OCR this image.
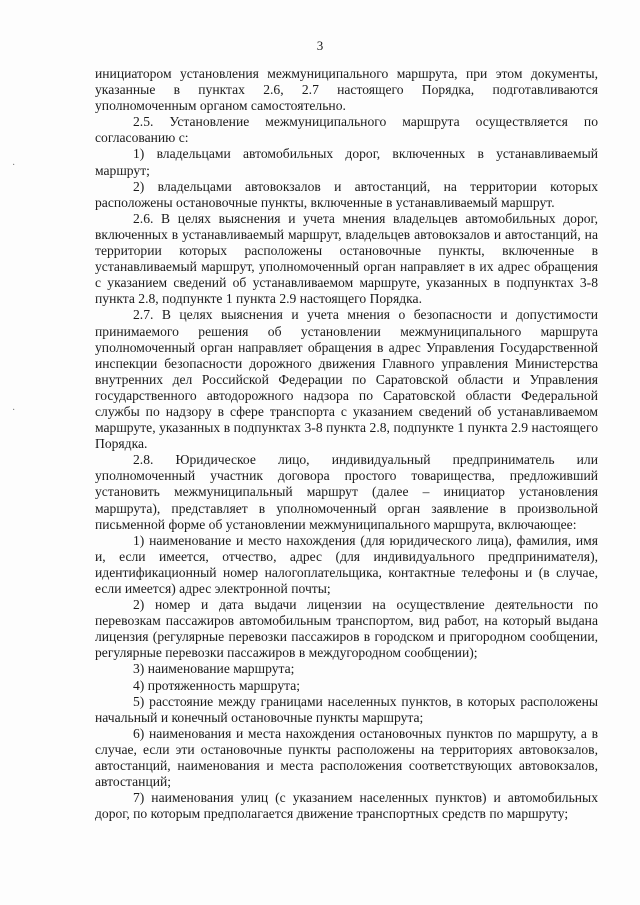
3
·
·

инициатором установления межмуниципального маршрута, при этом документы, указанные в пунктах 2.6, 2.7 настоящего Порядка, подготавливаются уполномоченным органом самостоятельно.

2.5. Установление межмуниципального маршрута осуществляется по согласованию с:

1) владельцами автомобильных дорог, включенных в устанавливаемый маршрут;

2) владельцами автовокзалов и автостанций, на территории которых расположены остановочные пункты, включенные в устанавливаемый маршрут.

2.6. В целях выяснения и учета мнения владельцев автомобильных дорог, включенных в устанавливаемый маршрут, владельцев автовокзалов и автостанций, на территории которых расположены остановочные пункты, включенные в устанавливаемый маршрут, уполномоченный орган направляет в их адрес обращения с указанием сведений об устанавливаемом маршруте, указанных в подпунктах 3-8 пункта 2.8, подпункте 1 пункта 2.9 настоящего Порядка.

2.7. В целях выяснения и учета мнения о безопасности и допустимости принимаемого решения об установлении межмуниципального маршрута уполномоченный орган направляет обращения в адрес Управления Государственной инспекции безопасности дорожного движения Главного управления Министерства внутренних дел Российской Федерации по Саратовской области и Управления государственного автодорожного надзора по Саратовской области Федеральной службы по надзору в сфере транспорта с указанием сведений об устанавливаемом маршруте, указанных в подпунктах 3-8 пункта 2.8, подпункте 1 пункта 2.9 настоящего Порядка.

2.8. Юридическое лицо, индивидуальный предприниматель или уполномоченный участник договора простого товарищества, предложивший установить межмуниципальный маршрут (далее – инициатор установления маршрута), представляет в уполномоченный орган заявление в произвольной письменной форме об установлении межмуниципального маршрута, включающее:

1) наименование и место нахождения (для юридического лица), фамилия, имя и, если имеется, отчество, адрес (для индивидуального предпринимателя), идентификационный номер налогоплательщика, контактные телефоны и (в случае, если имеется) адрес электронной почты;

2) номер и дата выдачи лицензии на осуществление деятельности по перевозкам пассажиров автомобильным транспортом, вид работ, на который выдана лицензия (регулярные перевозки пассажиров в городском и пригородном сообщении, регулярные перевозки пассажиров в междугородном сообщении);

3) наименование маршрута;

4) протяженность маршрута;

5) расстояние между границами населенных пунктов, в которых расположены начальный и конечный остановочные пункты маршрута;

6) наименования и места нахождения остановочных пунктов по маршруту, а в случае, если эти остановочные пункты расположены на территориях автовокзалов, автостанций, наименования и места расположения соответствующих автовокзалов, автостанций;

7) наименования улиц (с указанием населенных пунктов) и автомобильных дорог, по которым предполагается движение транспортных средств по маршруту;
